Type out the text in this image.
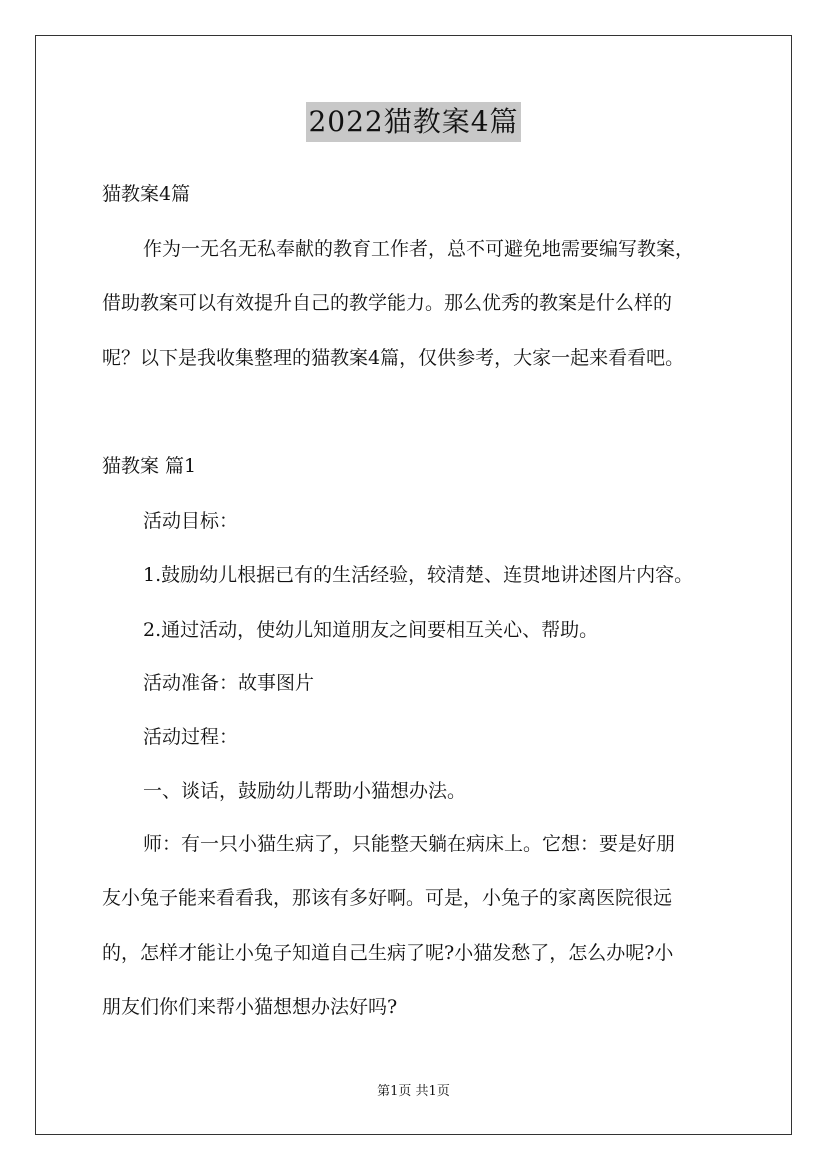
2022猫教案4篇
猫教案4篇
作为一无名无私奉献的教育工作者，总不可避免地需要编写教案，
借助教案可以有效提升自己的教学能力。那么优秀的教案是什么样的
呢？以下是我收集整理的猫教案4篇，仅供参考，大家一起来看看吧。
猫教案 篇1
活动目标：
1.鼓励幼儿根据已有的生活经验，较清楚、连贯地讲述图片内容。
2.通过活动，使幼儿知道朋友之间要相互关心、帮助。
活动准备：故事图片
活动过程：
一、谈话，鼓励幼儿帮助小猫想办法。
师：有一只小猫生病了，只能整天躺在病床上。它想：要是好朋
友小兔子能来看看我，那该有多好啊。可是，小兔子的家离医院很远
的，怎样才能让小兔子知道自己生病了呢?小猫发愁了，怎么办呢?小
朋友们你们来帮小猫想想办法好吗?
第1页 共1页
